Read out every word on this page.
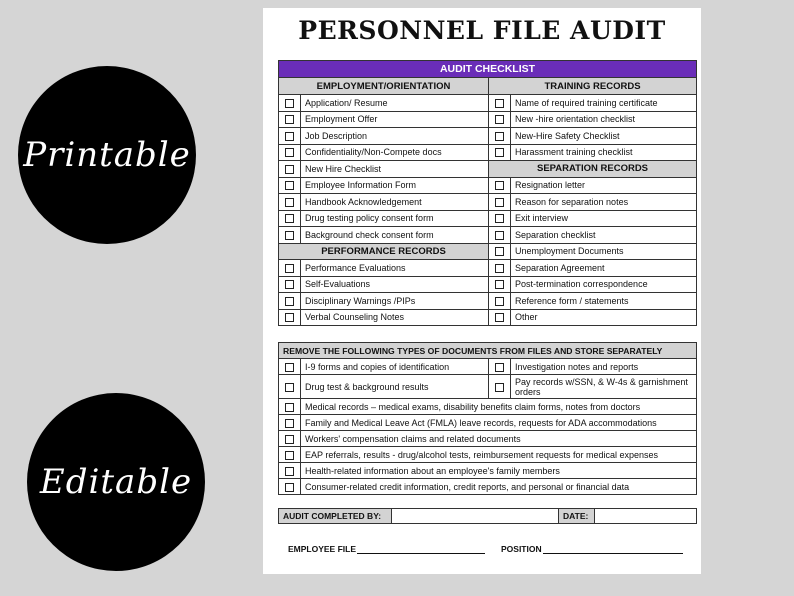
Printable
Editable
PERSONNEL FILE AUDIT
AUDIT CHECKLIST			
EMPLOYMENT/ORIENTATION		TRAINING RECORDS	
	Application/ Resume		Name of required training certificate
	Employment Offer		New -hire orientation checklist
	Job Description		New-Hire Safety Checklist
	Confidentiality/Non-Compete docs		Harassment training checklist
	New Hire Checklist	SEPARATION RECORDS	
	Employee Information Form		Resignation letter
	Handbook Acknowledgement		Reason for separation notes
	Drug testing policy consent form		Exit interview
	Background check consent form		Separation checklist
PERFORMANCE RECORDS			Unemployment Documents
	Performance Evaluations		Separation Agreement
	Self-Evaluations		Post-termination correspondence
	Disciplinary Warnings /PIPs		Reference form / statements
	Verbal Counseling Notes		Other
REMOVE THE FOLLOWING TYPES OF DOCUMENTS FROM FILES AND STORE SEPARATELY			
	I-9 forms and copies of identification		Investigation notes and reports
	Drug test & background results		Pay records w/SSN, & W-4s & garnishment orders
	Medical records – medical exams, disability benefits claim forms, notes from doctors		
	Family and Medical Leave Act (FMLA) leave records, requests for ADA accommodations		
	Workers' compensation claims and related documents		
	EAP referrals, results - drug/alcohol tests, reimbursement requests for medical expenses		
	Health-related information about an employee's family members		
	Consumer-related credit information, credit reports, and personal or financial data		
AUDIT COMPLETED BY:		DATE:	
EMPLOYEE FILE	POSITION
